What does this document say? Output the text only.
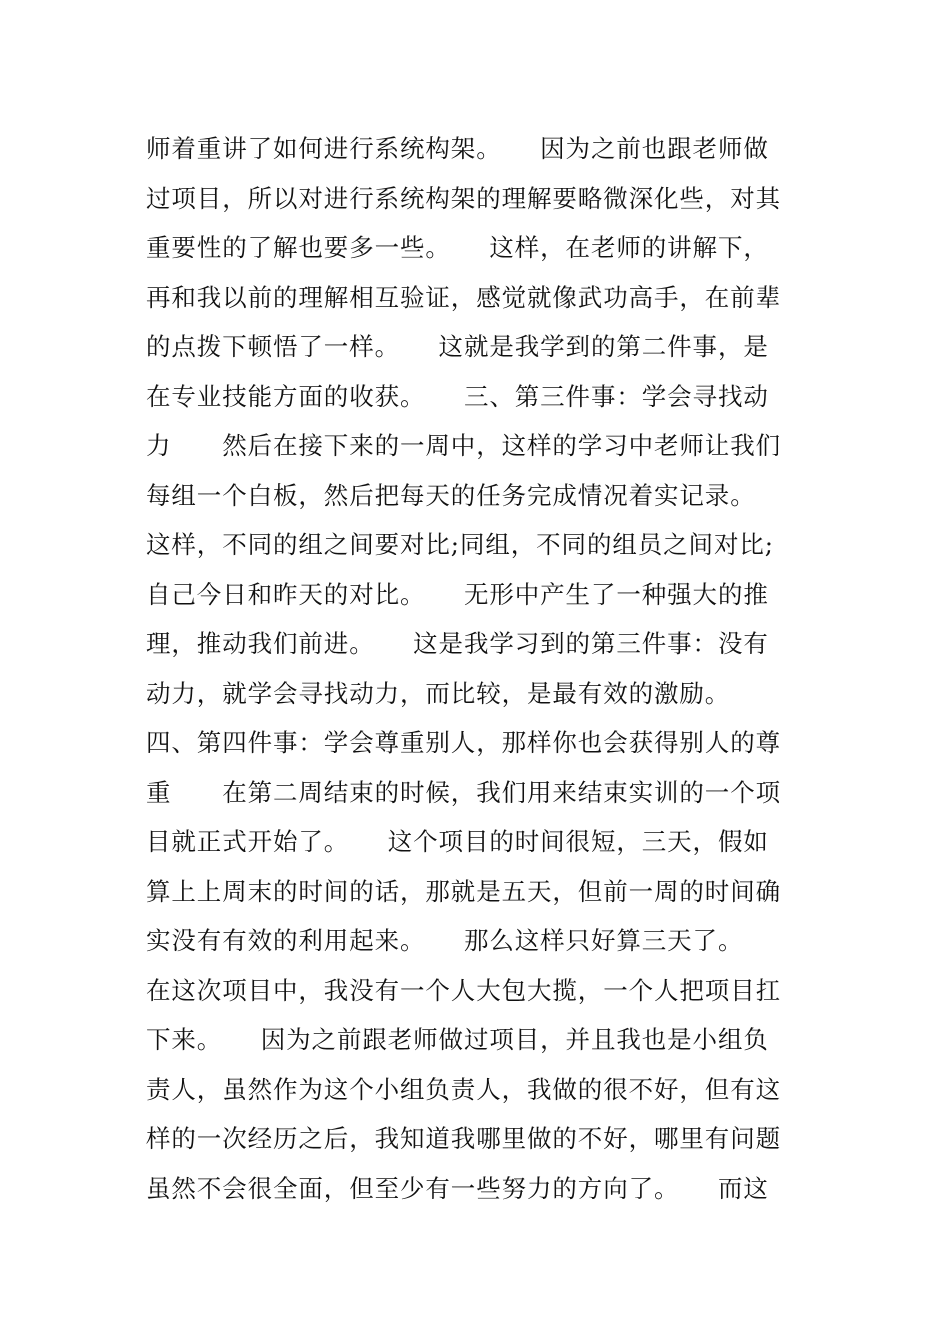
师着重讲了如何进行系统构架。　　因为之前也跟老师做
过项目，所以对进行系统构架的理解要略微深化些，对其
重要性的了解也要多一些。　　这样，在老师的讲解下，
再和我以前的理解相互验证，感觉就像武功高手，在前辈
的点拨下顿悟了一样。　　这就是我学到的第二件事，是
在专业技能方面的收获。　　三、第三件事：学会寻找动
力　　然后在接下来的一周中，这样的学习中老师让我们
每组一个白板，然后把每天的任务完成情况着实记录。
这样，不同的组之间要对比;同组，不同的组员之间对比;
自己今日和昨天的对比。　　无形中产生了一种强大的推
理，推动我们前进。　　这是我学习到的第三件事：没有
动力，就学会寻找动力，而比较，是最有效的激励。
四、第四件事：学会尊重别人，那样你也会获得别人的尊
重　　在第二周结束的时候，我们用来结束实训的一个项
目就正式开始了。　　这个项目的时间很短，三天，假如
算上上周末的时间的话，那就是五天，但前一周的时间确
实没有有效的利用起来。　　那么这样只好算三天了。
在这次项目中，我没有一个人大包大揽，一个人把项目扛
下来。　　因为之前跟老师做过项目，并且我也是小组负
责人，虽然作为这个小组负责人，我做的很不好，但有这
样的一次经历之后，我知道我哪里做的不好，哪里有问题
虽然不会很全面，但至少有一些努力的方向了。　　而这
